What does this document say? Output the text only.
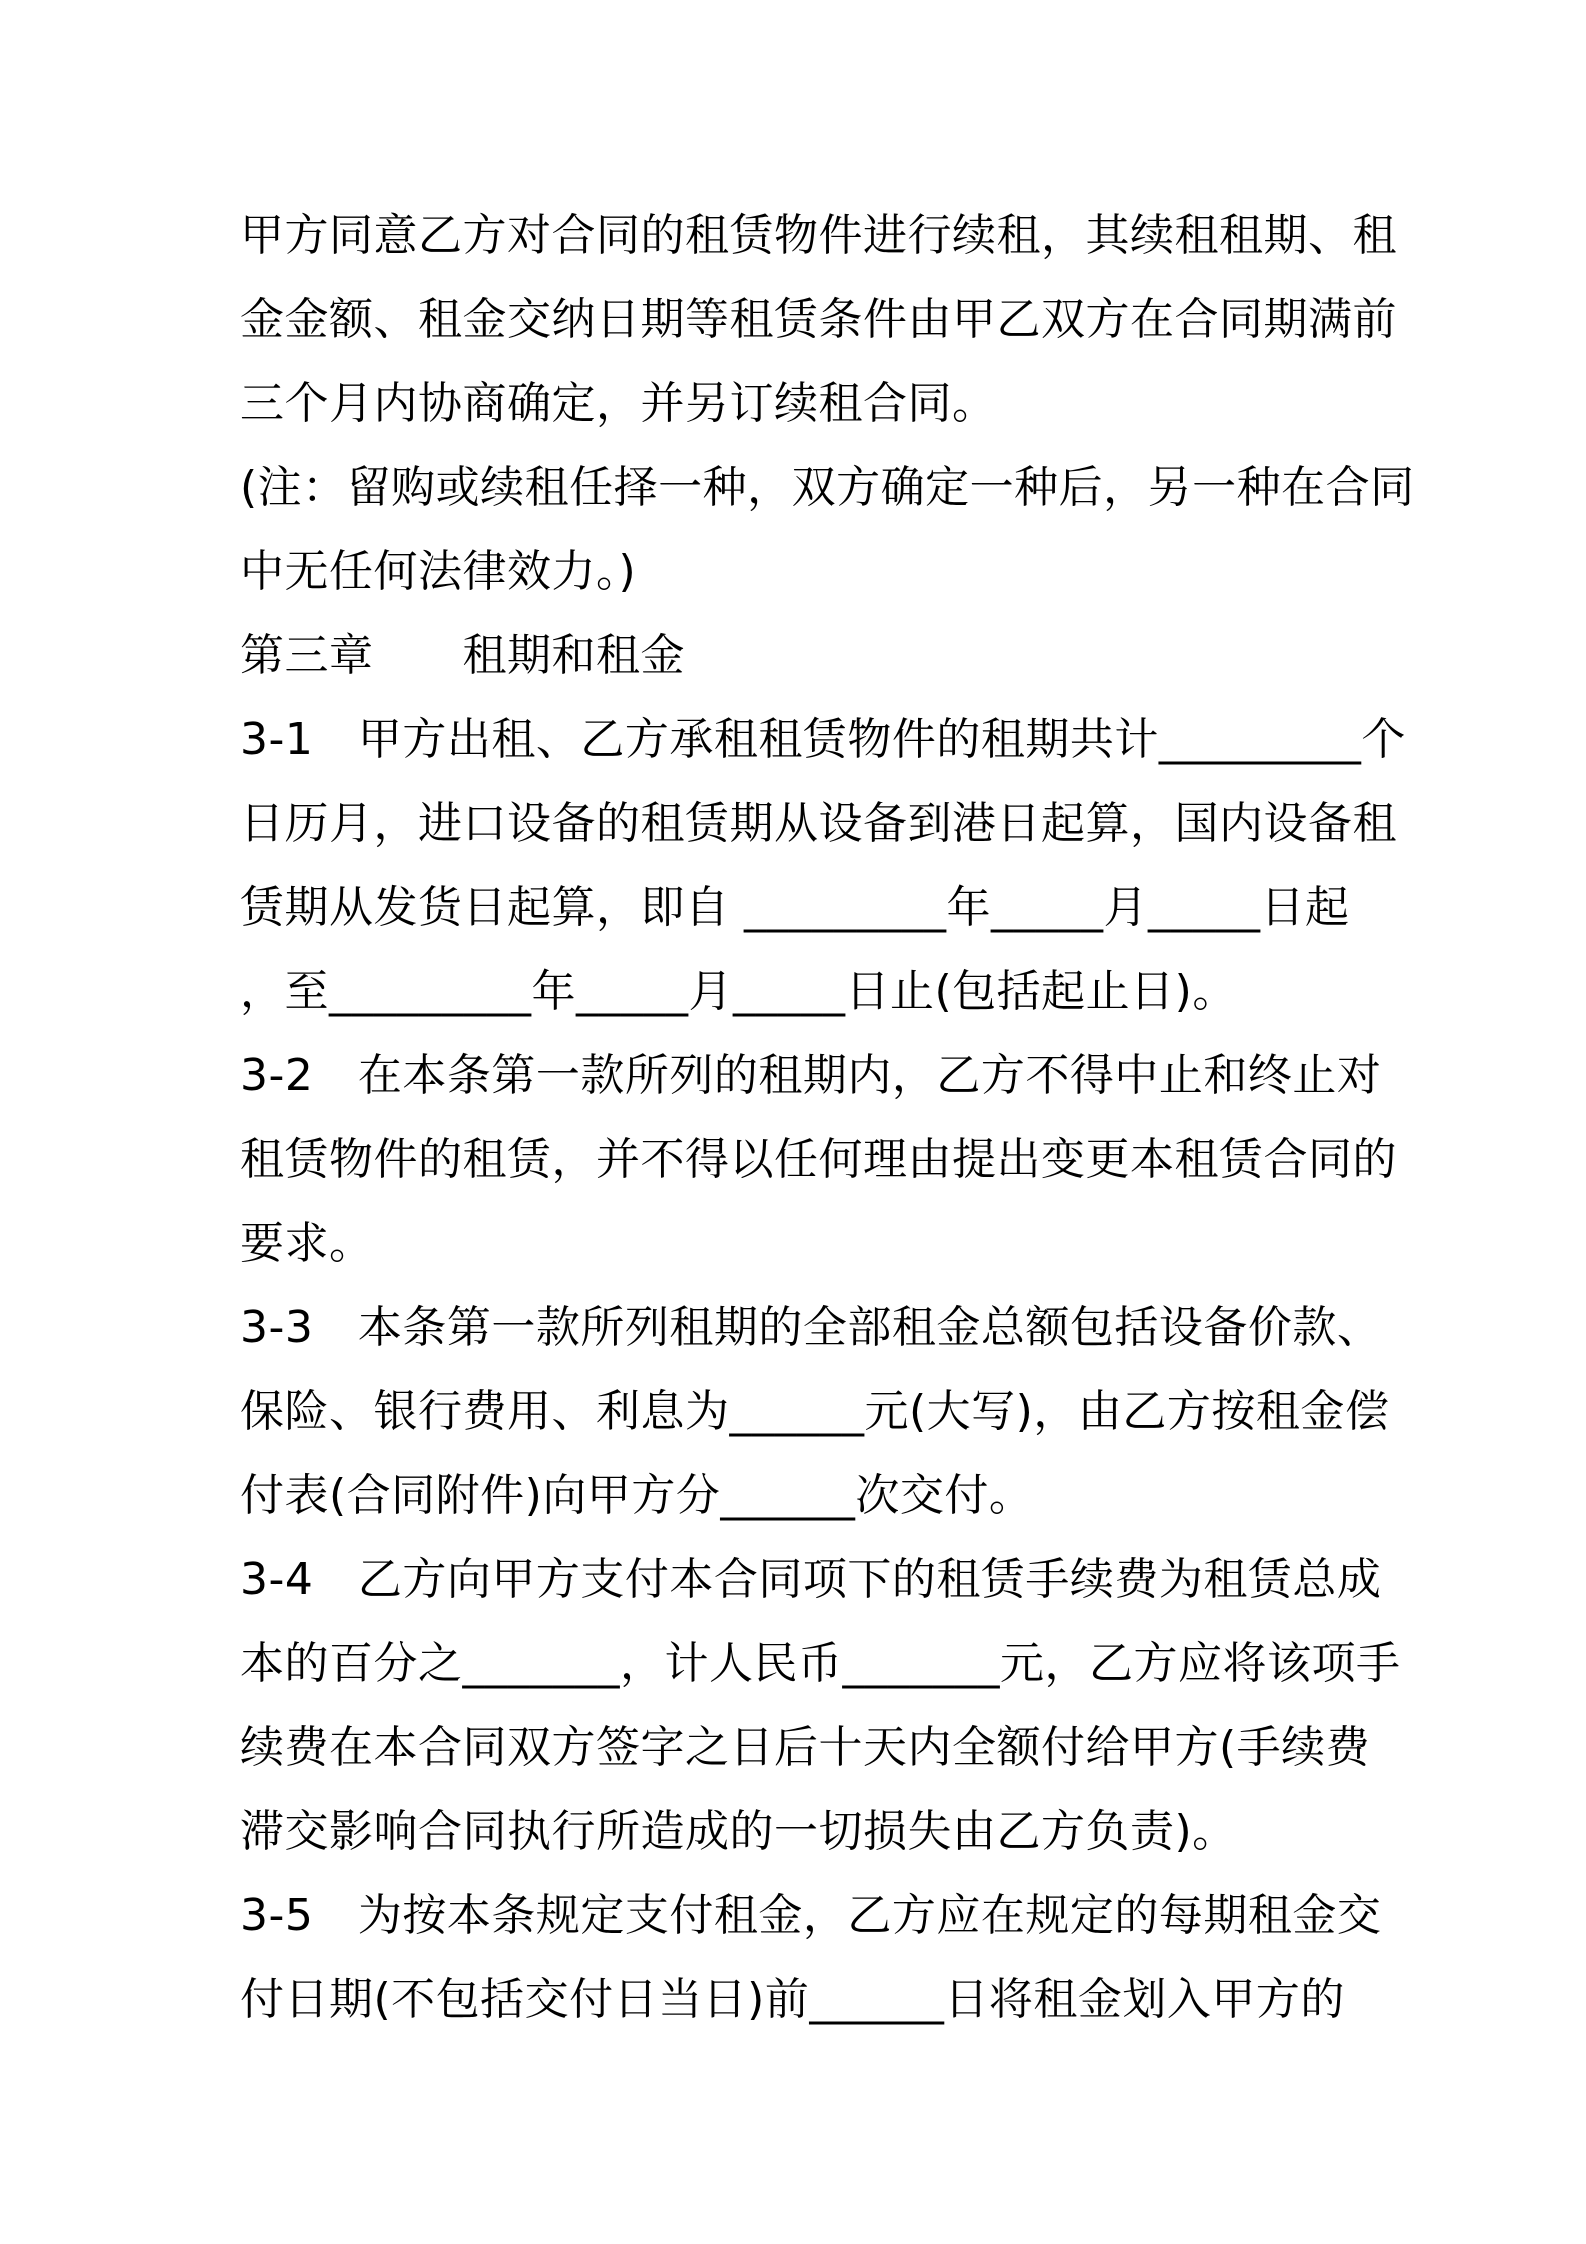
甲方同意乙方对合同的租赁物件进行续租，其续租租期、租
金金额、租金交纳日期等租赁条件由甲乙双方在合同期满前
三个月内协商确定，并另订续租合同。
(注：留购或续租任择一种，双方确定一种后，另一种在合同
中无任何法律效力。)
第三章　　租期和租金
3-1　甲方出租、乙方承租租赁物件的租期共计_________个
日历月，进口设备的租赁期从设备到港日起算，国内设备租
赁期从发货日起算，即自 _________年_____月_____日起
，至_________年_____月_____日止(包括起止日)。
3-2　在本条第一款所列的租期内，乙方不得中止和终止对
租赁物件的租赁，并不得以任何理由提出变更本租赁合同的
要求。
3-3　本条第一款所列租期的全部租金总额包括设备价款、
保险、银行费用、利息为______元(大写)，由乙方按租金偿
付表(合同附件)向甲方分______次交付。
3-4　乙方向甲方支付本合同项下的租赁手续费为租赁总成
本的百分之_______，计人民币_______元，乙方应将该项手
续费在本合同双方签字之日后十天内全额付给甲方(手续费
滞交影响合同执行所造成的一切损失由乙方负责)。
3-5　为按本条规定支付租金，乙方应在规定的每期租金交
付日期(不包括交付日当日)前______日将租金划入甲方的
